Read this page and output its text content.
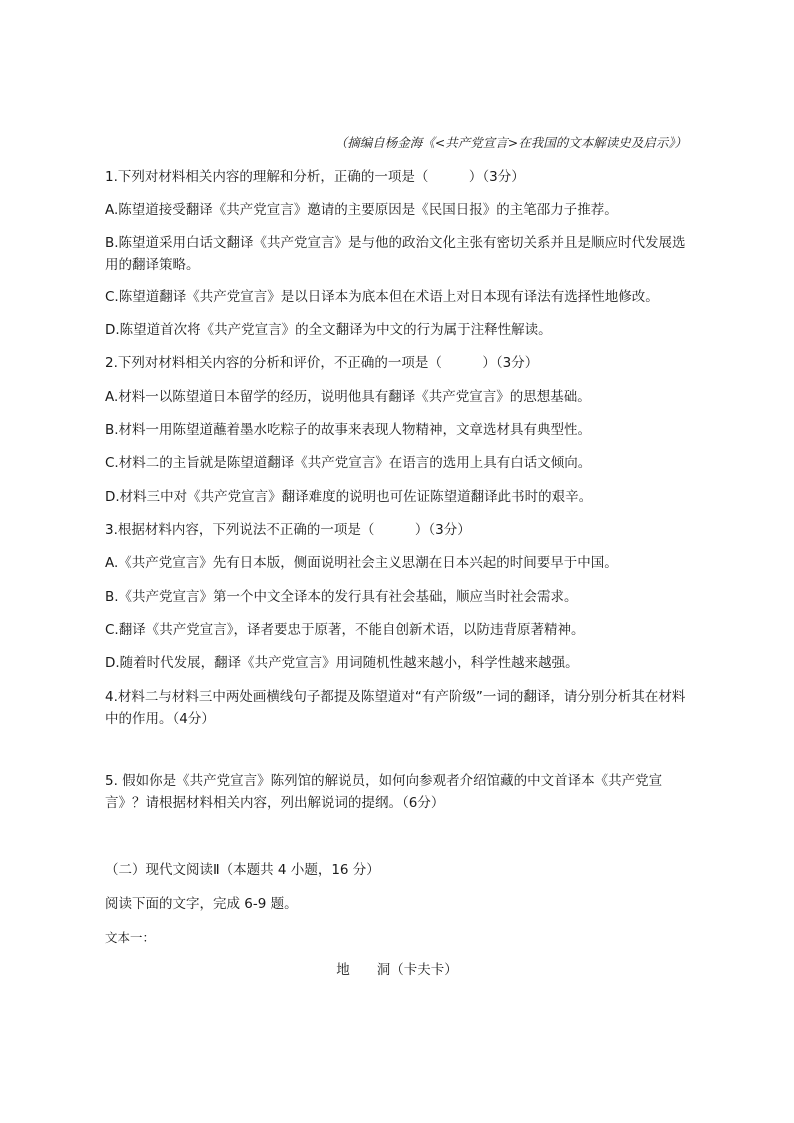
（摘编自杨金海《<共产党宣言>在我国的文本解读史及启示》）
1.下列对材料相关内容的理解和分析，正确的一项是（　　　）（3分）
A.陈望道接受翻译《共产党宣言》邀请的主要原因是《民国日报》的主笔邵力子推荐。
B.陈望道采用白话文翻译《共产党宣言》是与他的政治文化主张有密切关系并且是顺应时代发展选用的翻译策略。
C.陈望道翻译《共产党宣言》是以日译本为底本但在术语上对日本现有译法有选择性地修改。
D.陈望道首次将《共产党宣言》的全文翻译为中文的行为属于注释性解读。
2.下列对材料相关内容的分析和评价，不正确的一项是（　　　）（3分）
A.材料一以陈望道日本留学的经历，说明他具有翻译《共产党宣言》的思想基础。
B.材料一用陈望道蘸着墨水吃粽子的故事来表现人物精神，文章选材具有典型性。
C.材料二的主旨就是陈望道翻译《共产党宣言》在语言的选用上具有白话文倾向。
D.材料三中对《共产党宣言》翻译难度的说明也可佐证陈望道翻译此书时的艰辛。
3.根据材料内容，下列说法不正确的一项是（　　　）（3分）
A.《共产党宣言》先有日本版，侧面说明社会主义思潮在日本兴起的时间要早于中国。
B.《共产党宣言》第一个中文全译本的发行具有社会基础，顺应当时社会需求。
C.翻译《共产党宣言》，译者要忠于原著，不能自创新术语，以防违背原著精神。
D.随着时代发展，翻译《共产党宣言》用词随机性越来越小，科学性越来越强。
4.材料二与材料三中两处画横线句子都提及陈望道对“有产阶级”一词的翻译，请分别分析其在材料中的作用。（4分）
5. 假如你是《共产党宣言》陈列馆的解说员，如何向参观者介绍馆藏的中文首译本《共产党宣言》？请根据材料相关内容，列出解说词的提纲。（6分）
（二）现代文阅读Ⅱ（本题共 4 小题，16 分）
阅读下面的文字，完成 6-9 题。
文本一：
地　　洞（卡夫卡）
